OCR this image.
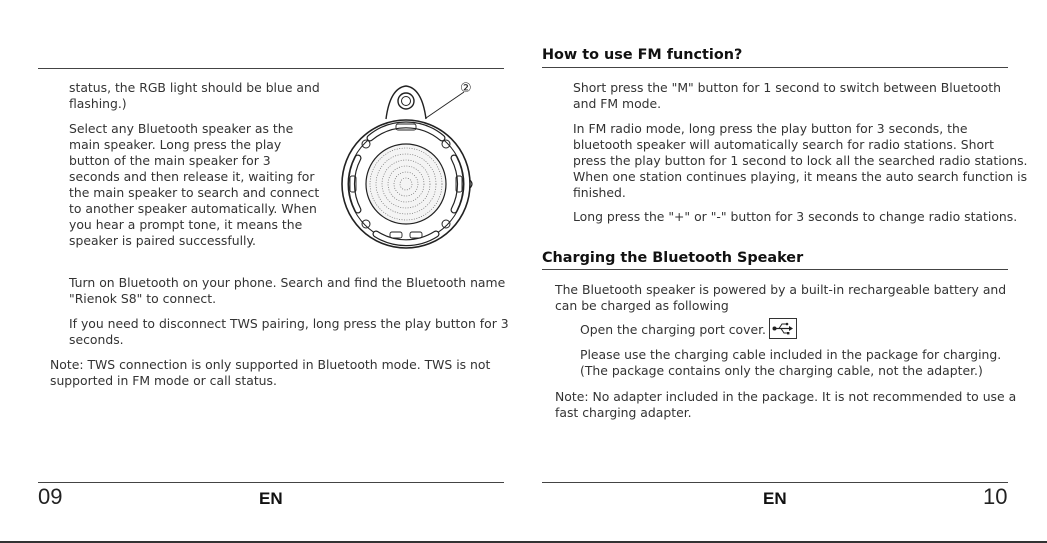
status, the RGB light should be blue and
flashing.)
Select any Bluetooth speaker as the
main speaker. Long press the play
button of the main speaker for 3
seconds and then release it, waiting for
the main speaker to search and connect
to another speaker automatically. When
you hear a prompt tone, it means the
speaker is paired successfully.
②
Turn on Bluetooth on your phone. Search and find the Bluetooth name
"Rienok S8" to connect.
If you need to disconnect TWS pairing, long press the play button for 3
seconds.
Note: TWS connection is only supported in Bluetooth mode. TWS is not
supported in FM mode or call status.
09	EN
How to use FM function?
Short press the "M" button for 1 second to switch between Bluetooth
and FM mode.
In FM radio mode, long press the play button for 3 seconds, the
bluetooth speaker will automatically search for radio stations. Short
press the play button for 1 second to lock all the searched radio stations.
When one station continues playing, it means the auto search function is
finished.
Long press the "+" or "-" button for 3 seconds to change radio stations.
Charging the Bluetooth Speaker
The Bluetooth speaker is powered by a built-in rechargeable battery and
can be charged as following
Open the charging port cover.
Please use the charging cable included in the package for charging.
(The package contains only the charging cable, not the adapter.)
Note: No adapter included in the package. It is not recommended to use a
fast charging adapter.
EN	10
